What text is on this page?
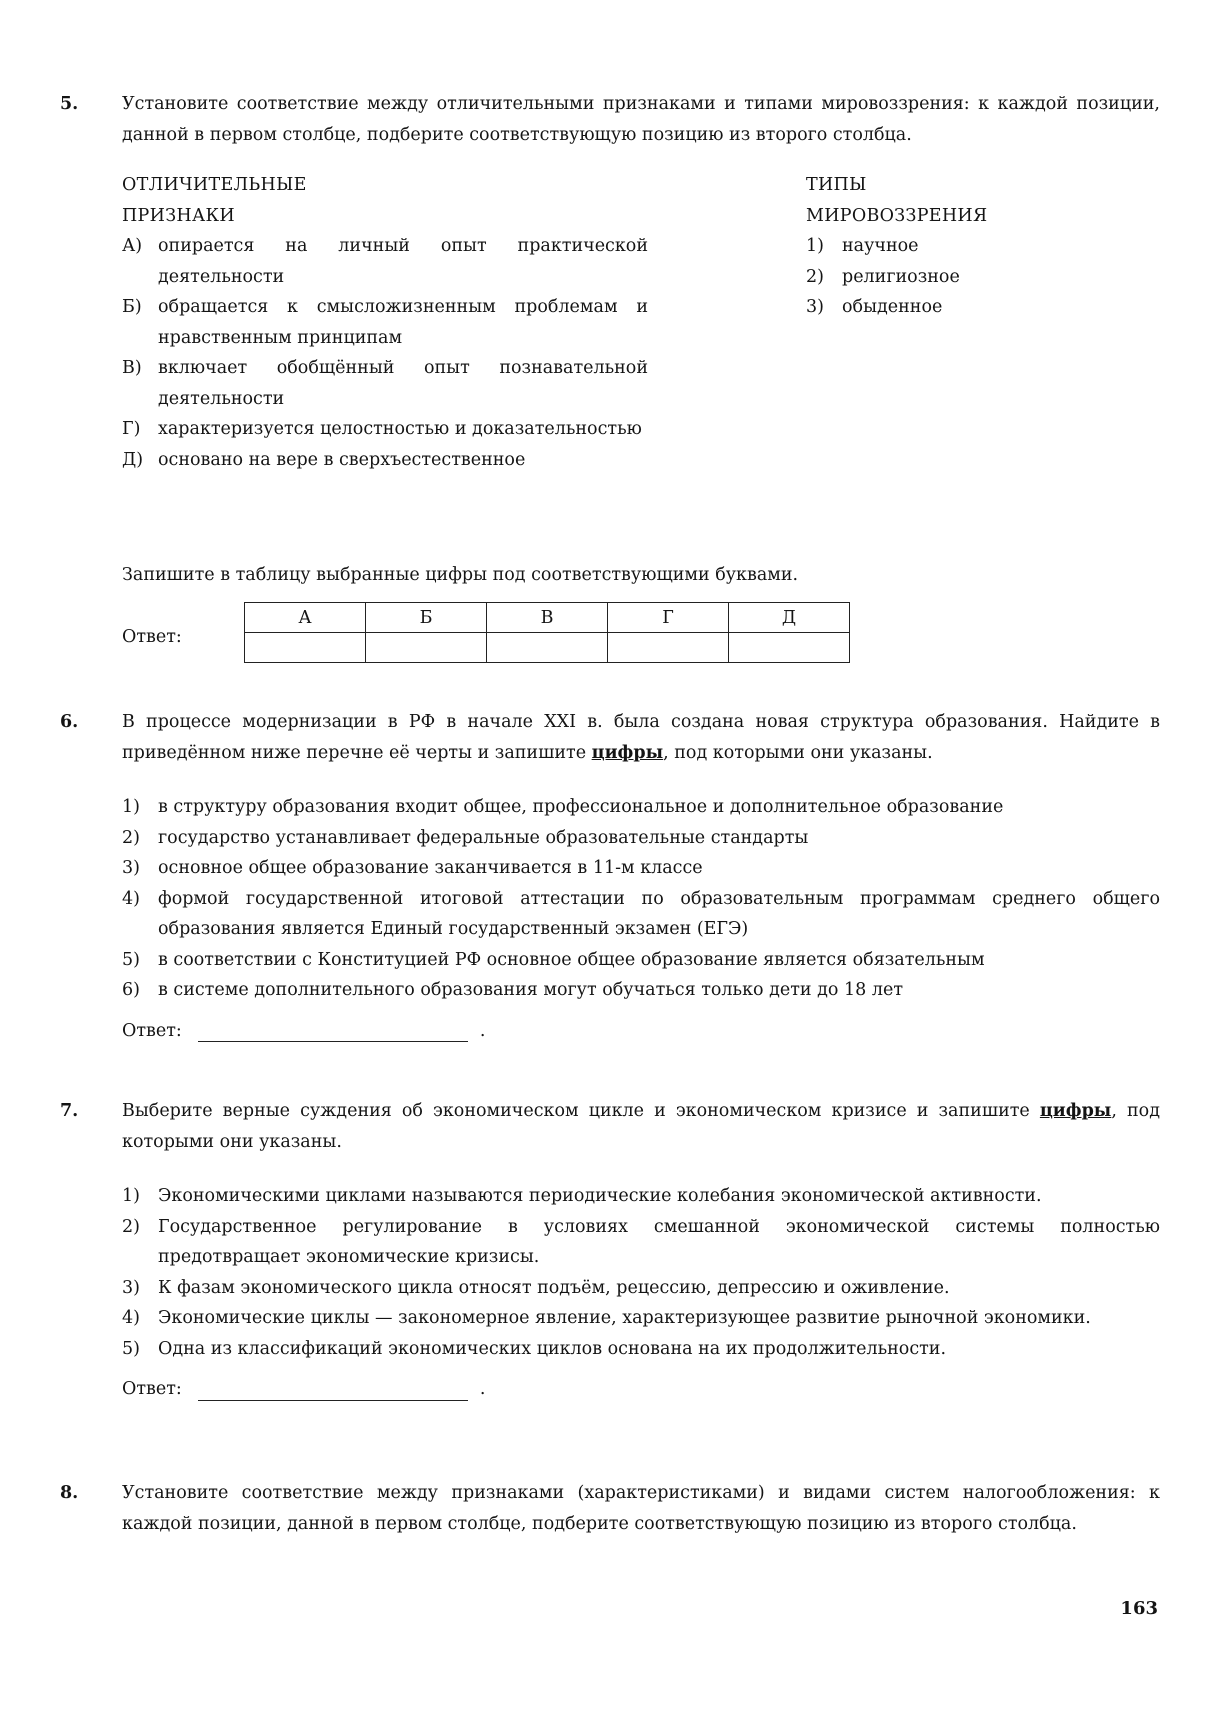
5. Установите соответствие между отличительными признаками и типами мировоззрения: к каждой позиции, данной в первом столбце, подберите соответствующую позицию из второго столбца.
ОТЛИЧИТЕЛЬНЫЕ
ПРИЗНАКИ
А) опирается на личный опыт практической деятельности
Б) обращается к смысложизненным проблемам и нравственным принципам
В) включает обобщённый опыт познавательной деятельности
Г)	характеризуется целостностью и доказательностью
Д) основано на вере в сверхъестественное
ТИПЫ
МИРОВОЗЗРЕНИЯ
1)	научное
2)	религиозное
3)	обыденное
Запишите в таблицу выбранные цифры под соответствующими буквами.
Ответ:
А	Б	В	Г	Д

6. В процессе модернизации в РФ в начале XXI в. была создана новая структура образования. Найдите в приведённом ниже перечне её черты и запишите цифры, под которыми они указаны.
1)	в структуру образования входит общее, профессиональное и дополнительное образование
2)	государство устанавливает федеральные образовательные стандарты
3)	основное общее образование заканчивается в 11-м классе
4)	формой государственной итоговой аттестации по образовательным программам среднего общего образования является Единый государственный экзамен (ЕГЭ)
5)	в соответствии с Конституцией РФ основное общее образование является обязательным
6)	в системе дополнительного образования могут обучаться только дети до 18 лет
Ответ:	.
7. Выберите верные суждения об экономическом цикле и экономическом кризисе и запишите цифры, под которыми они указаны.
1)	Экономическими циклами называются периодические колебания экономической активности.
2)	Государственное регулирование в условиях смешанной экономической системы полностью предотвращает экономические кризисы.
3)	К фазам экономического цикла относят подъём, рецессию, депрессию и оживление.
4)	Экономические циклы — закономерное явление, характеризующее развитие рыночной экономики.
5)	Одна из классификаций экономических циклов основана на их продолжительности.
Ответ:	.
8. Установите соответствие между признаками (характеристиками) и видами систем налогообложения: к каждой позиции, данной в первом столбце, подберите соответствующую позицию из второго столбца.
163
